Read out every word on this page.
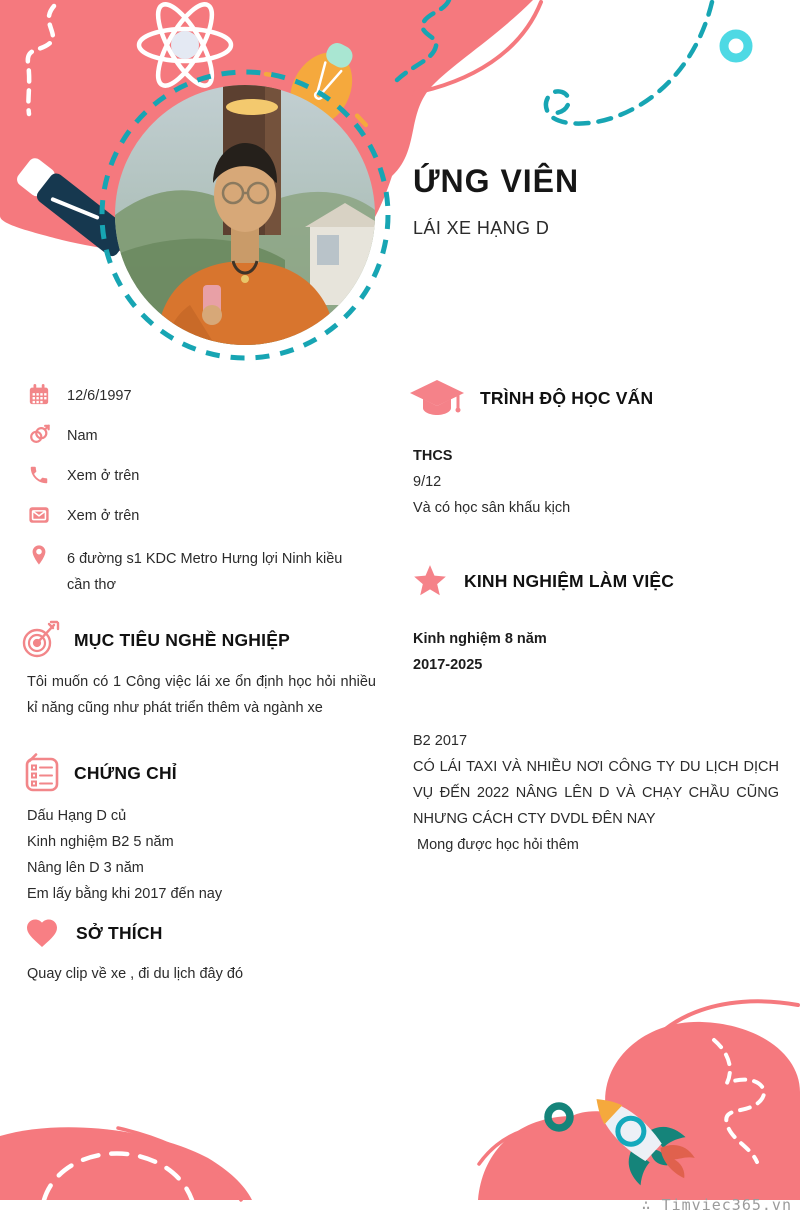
ỨNG VIÊN
LÁI XE HẠNG D
12/6/1997
Nam
Xem ở trên
Xem ở trên
6 đường s1 KDC Metro Hưng lợi Ninh kiều cần thơ
MỤC TIÊU NGHỀ NGHIỆP
Tôi muốn có 1 Công việc lái xe ổn định học hỏi nhiều kỉ năng cũng như phát triển thêm và ngành xe
CHỨNG CHỈ
Dấu Hạng D củ
Kinh nghiệm B2 5 năm
Nâng lên D 3 năm
Em lấy bằng khi 2017 đến nay
SỞ THÍCH
Quay clip về xe , đi du lịch đây đó
TRÌNH ĐỘ HỌC VẤN
THCS
9/12
Và có học sân khấu kịch
KINH NGHIỆM LÀM VIỆC
Kinh nghiệm 8 năm
2017-2025
B2 2017
CÓ LÁI TAXI VÀ NHIỀU NƠI CÔNG TY DU LỊCH DỊCH VỤ ĐẾN 2022 NÂNG LÊN D VÀ CHẠY CHẦU CŨNG NHƯNG CÁCH CTY DVDL ĐÊN NAY
Mong được học hỏi thêm
∴ Timviec365.vn
